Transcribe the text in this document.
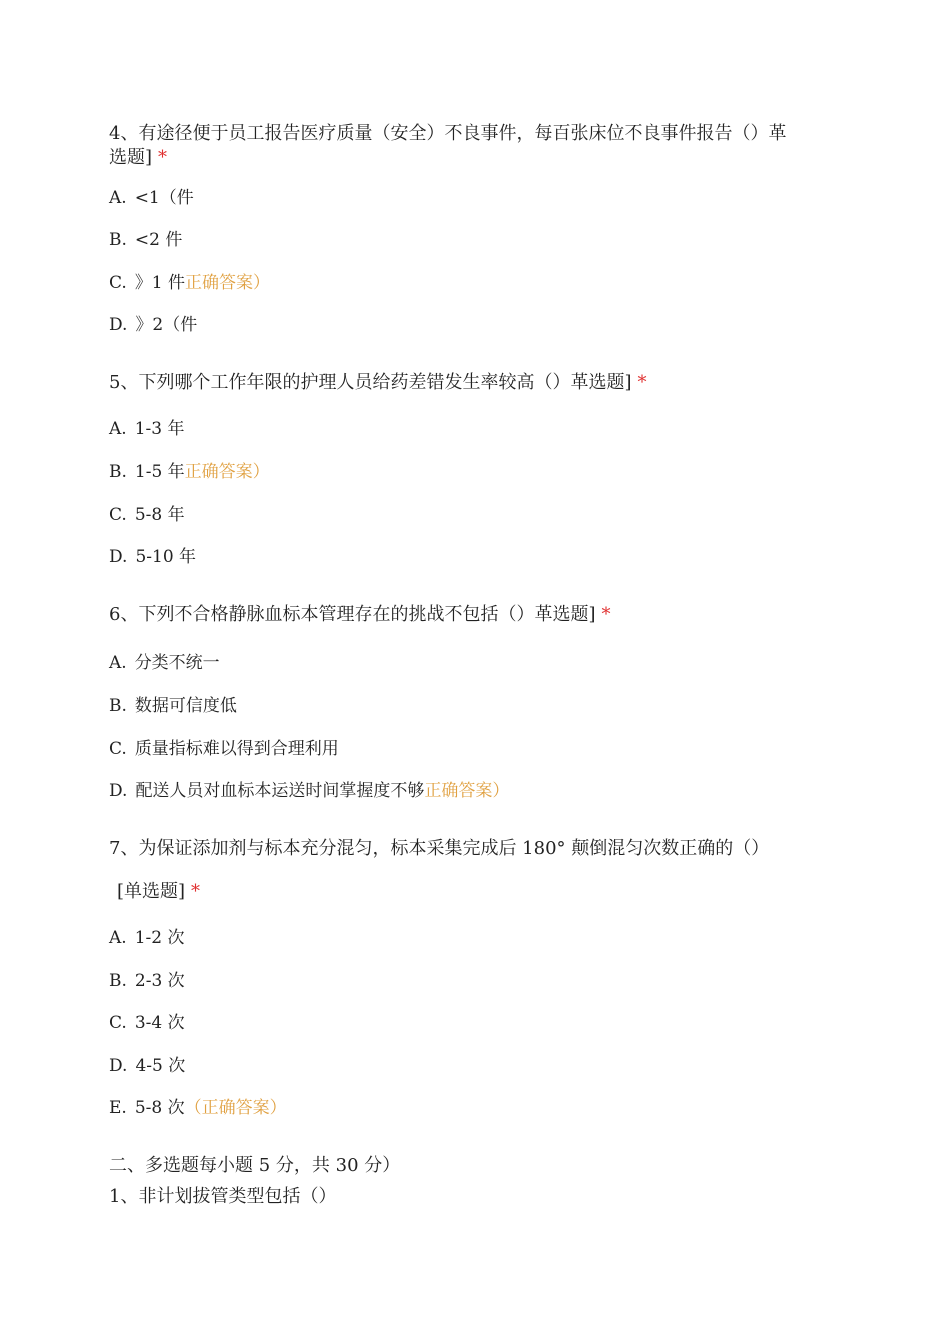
4、有途径便于员工报告医疗质量（安全）不良事件，每百张床位不良事件报告（）革
选题] *
A. <1（件
B. <2 件
C. 》1 件正确答案）
D. 》2（件
5、下列哪个工作年限的护理人员给药差错发生率较高（）革选题] *
A. 1-3 年
B. 1-5 年正确答案）
C. 5-8 年
D. 5-10 年
6、下列不合格静脉血标本管理存在的挑战不包括（）革选题] *
A. 分类不统一
B. 数据可信度低
C. 质量指标难以得到合理利用
D. 配送人员对血标本运送时间掌握度不够正确答案）
7、为保证添加剂与标本充分混匀，标本采集完成后 180° 颠倒混匀次数正确的（）
[单选题] *
A. 1-2 次
B. 2-3 次
C. 3-4 次
D. 4-5 次
E. 5-8 次（正确答案）
二、多选题每小题 5 分，共 30 分）
1、非计划拔管类型包括（）
